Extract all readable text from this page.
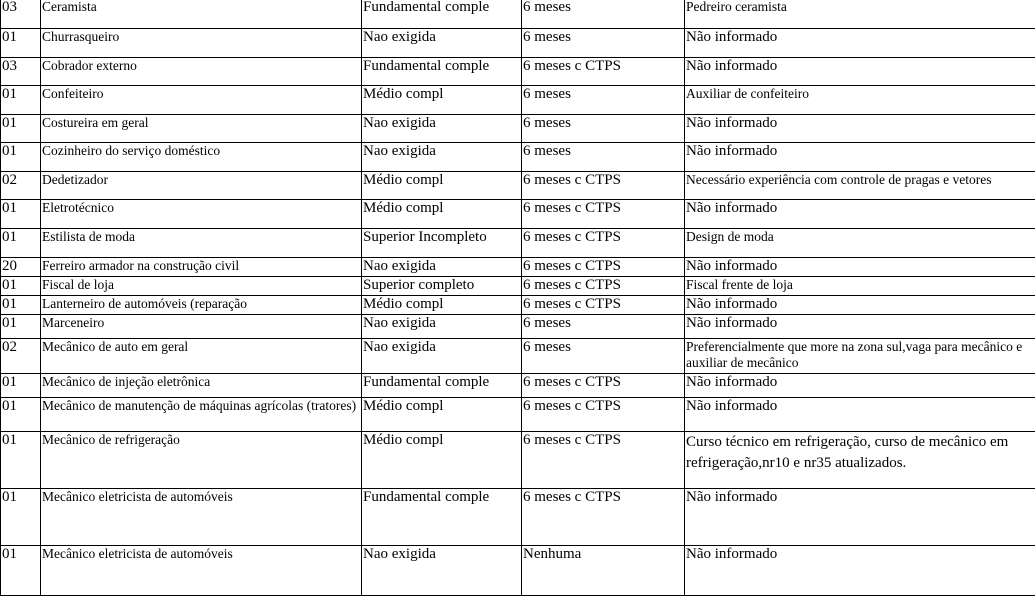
03	Ceramista	Fundamental comple	6 meses	Pedreiro ceramista
01	Churrasqueiro	Nao exigida	6 meses	Não informado
03	Cobrador externo	Fundamental comple	6 meses c CTPS	Não informado
01	Confeiteiro	Médio compl	6 meses	Auxiliar de confeiteiro
01	Costureira em geral	Nao exigida	6 meses	Não informado
01	Cozinheiro do serviço doméstico	Nao exigida	6 meses	Não informado
02	Dedetizador	Médio compl	6 meses c CTPS	Necessário experiência com controle de pragas e vetores
01	Eletrotécnico	Médio compl	6 meses c CTPS	Não informado
01	Estilista de moda	Superior Incompleto	6 meses c CTPS	Design de moda
20	Ferreiro armador na construção civil	Nao exigida	6 meses c CTPS	Não informado
01	Fiscal de loja	Superior completo	6 meses c CTPS	Fiscal frente de loja
01	Lanterneiro de automóveis (reparação	Médio compl	6 meses c CTPS	Não informado
01	Marceneiro	Nao exigida	6 meses	Não informado
02	Mecânico de auto em geral	Nao exigida	6 meses	Preferencialmente que more na zona sul,vaga para mecânico e auxiliar de mecânico
01	Mecânico de injeção eletrônica	Fundamental comple	6 meses c CTPS	Não informado
01	Mecânico de manutenção de máquinas agrícolas (tratores)	Médio compl	6 meses c CTPS	Não informado
01	Mecânico de refrigeração	Médio compl	6 meses c CTPS	Curso técnico em refrigeração, curso de mecânico em refrigeração,nr10 e nr35 atualizados.
01	Mecânico eletricista de automóveis	Fundamental comple	6 meses c CTPS	Não informado
01	Mecânico eletricista de automóveis	Nao exigida	Nenhuma	Não informado
